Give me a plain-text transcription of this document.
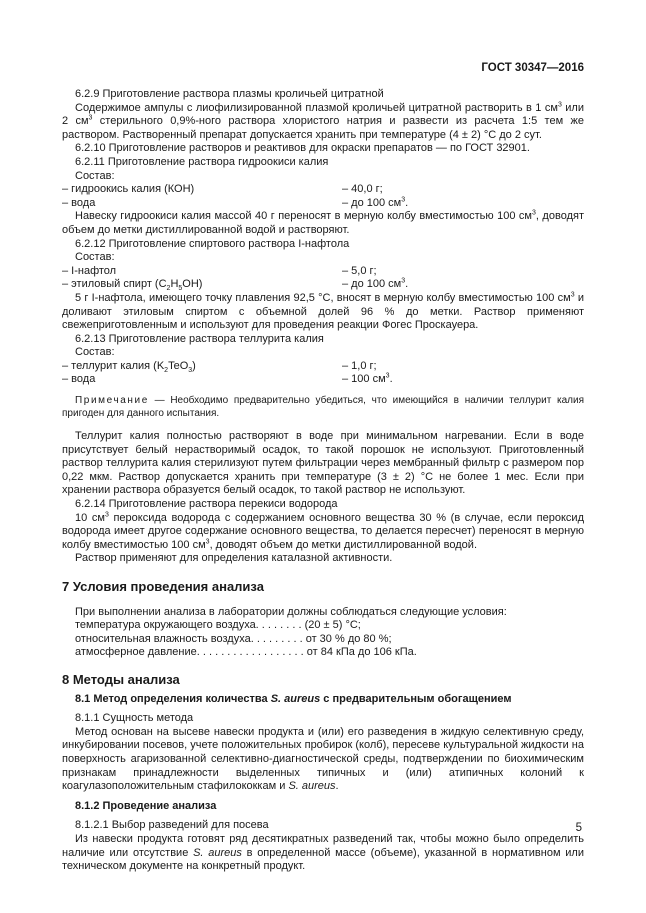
ГОСТ 30347—2016

6.2.9 Приготовление раствора плазмы кроличьей цитратной

Содержимое ампулы с лиофилизированной плазмой кроличьей цитратной растворить в 1 $см^3$ или 2 $см^3$ стерильного 0,9%-ного раствора хлористого натрия и развести из расчета 1:5 тем же раствором. Растворенный препарат допускается хранить при температуре (4 ± 2) °С до 2 сут.

6.2.10 Приготовление растворов и реактивов для окраски препаратов — по ГОСТ 32901.

6.2.11 Приготовление раствора гидроокиси калия

Состав:

– гидроокись калия (КОН)	– 40,0 г;
– вода	– до 100 $см^3$.

Навеску гидроокиси калия массой 40 г переносят в мерную колбу вместимостью 100 $см^3$, доводят объем до метки дистиллированной водой и растворяют.

6.2.12 Приготовление спиртового раствора I-нафтола

Состав:

– I-нафтол	– 5,0 г;
– этиловый спирт $(С_2Н_5ОН)$	– до 100 $см^3$.

5 г I-нафтола, имеющего точку плавления 92,5 °С, вносят в мерную колбу вместимостью 100 $см^3$ и доливают этиловым спиртом с объемной долей 96 % до метки. Раствор применяют свежеприготовленным и используют для проведения реакции Фогес Проскауера.

6.2.13 Приготовление раствора теллурита калия

Состав:

– теллурит калия $(K_2TeO_3)$	– 1,0 г;
– вода	– 100 $см^3$.

Примечание — Необходимо предварительно убедиться, что имеющийся в наличии теллурит калия пригоден для данного испытания.

Теллурит калия полностью растворяют в воде при минимальном нагревании. Если в воде присутствует белый нерастворимый осадок, то такой порошок не используют. Приготовленный раствор теллурита калия стерилизуют путем фильтрации через мембранный фильтр с размером пор 0,22 мкм. Раствор допускается хранить при температуре (3 ± 2) °С не более 1 мес. Если при хранении раствора образуется белый осадок, то такой раствор не используют.

6.2.14 Приготовление раствора перекиси водорода

10 $см^3$ пероксида водорода с содержанием основного вещества 30 % (в случае, если пероксид водорода имеет другое содержание основного вещества, то делается пересчет) переносят в мерную колбу вместимостью 100 $см^3$, доводят объем до метки дистиллированной водой.

Раствор применяют для определения каталазной активности.

7 Условия проведения анализа

При выполнении анализа в лаборатории должны соблюдаться следующие условия:

температура окружающего воздуха. . . . . . . . (20 ± 5) °С;

относительная влажность воздуха. . . . . . . . . от 30 % до 80 %;

атмосферное давление. . . . . . . . . . . . . . . . . . от 84 кПа до 106 кПа.

8 Методы анализа

8.1 Метод определения количества S. aureus с предварительным обогащением

8.1.1 Сущность метода

Метод основан на высеве навески продукта и (или) его разведения в жидкую селективную среду, инкубировании посевов, учете положительных пробирок (колб), пересеве культуральной жидкости на поверхность агаризованной селективно-диагностической среды, подтверждении по биохимическим признакам принадлежности выделенных типичных и (или) атипичных колоний к коагулазоположительным стафилококкам и S. aureus.

8.1.2 Проведение анализа

8.1.2.1 Выбор разведений для посева

Из навески продукта готовят ряд десятикратных разведений так, чтобы можно было определить наличие или отсутствие S. aureus в определенной массе (объеме), указанной в нормативном или техническом документе на конкретный продукт.

5
